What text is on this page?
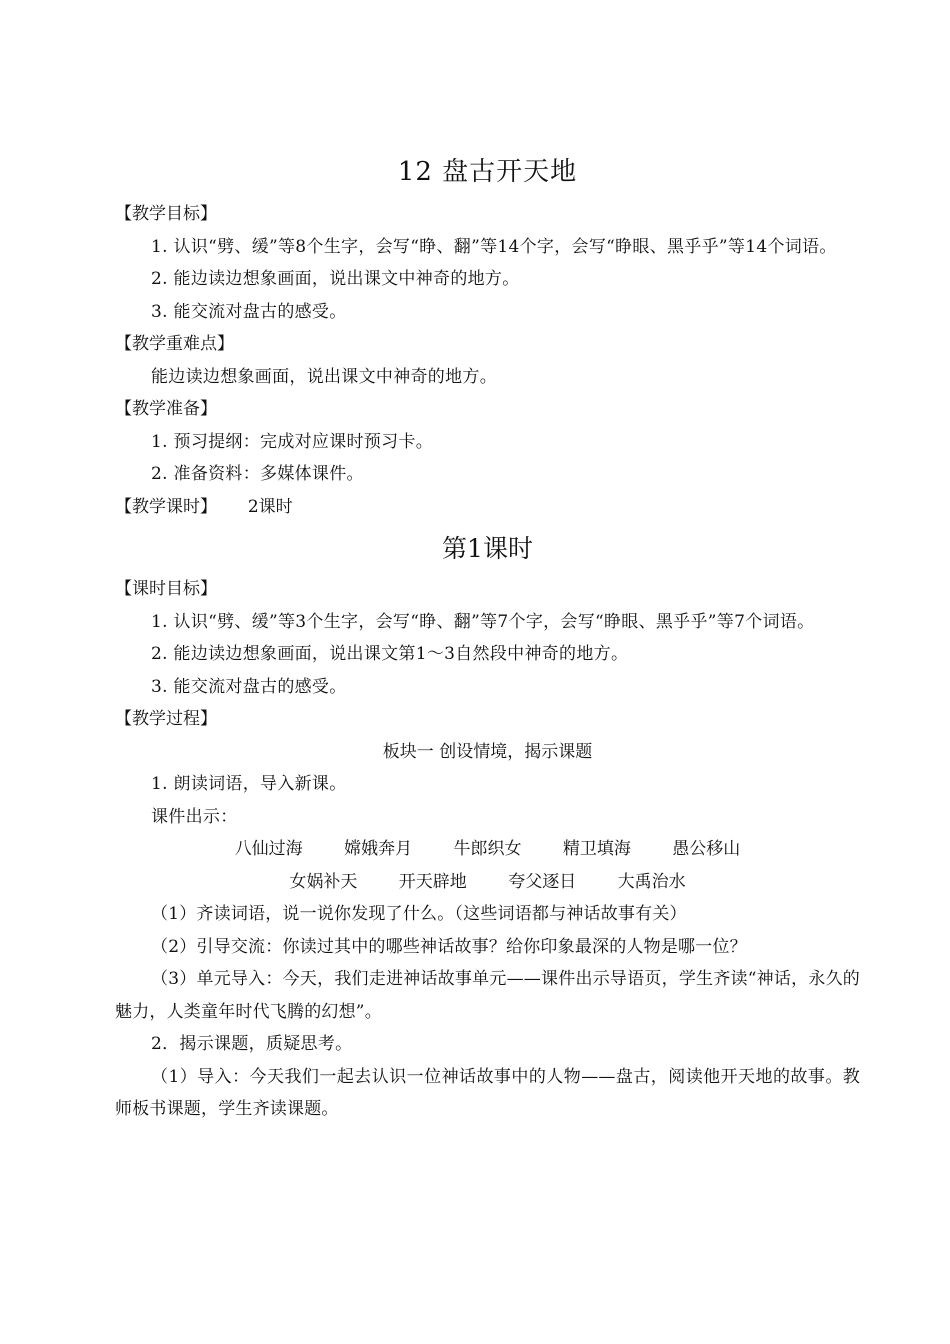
12 盘古开天地
【教学目标】
1. 认识“劈、缓”等8个生字，会写“睁、翻”等14个字，会写“睁眼、黑乎乎”等14个词语。
2. 能边读边想象画面，说出课文中神奇的地方。
3. 能交流对盘古的感受。
【教学重难点】
能边读边想象画面，说出课文中神奇的地方。
【教学准备】
1. 预习提纲：完成对应课时预习卡。
2. 准备资料：多媒体课件。
【教学课时】 2课时
第1课时
【课时目标】
1. 认识“劈、缓”等3个生字，会写“睁、翻”等7个字，会写“睁眼、黑乎乎”等7个词语。
2. 能边读边想象画面，说出课文第1～3自然段中神奇的地方。
3. 能交流对盘古的感受。
【教学过程】
板块一 创设情境，揭示课题
1. 朗读词语，导入新课。
课件出示：
八仙过海 嫦娥奔月 牛郎织女 精卫填海 愚公移山
女娲补天 开天辟地 夸父逐日 大禹治水
（1）齐读词语，说一说你发现了什么。（这些词语都与神话故事有关）
（2）引导交流：你读过其中的哪些神话故事？给你印象最深的人物是哪一位？
（3）单元导入：今天，我们走进神话故事单元——课件出示导语页，学生齐读“神话，永久的魅力，人类童年时代飞腾的幻想”。
2．揭示课题，质疑思考。
（1）导入：今天我们一起去认识一位神话故事中的人物——盘古，阅读他开天地的故事。教师板书课题，学生齐读课题。
